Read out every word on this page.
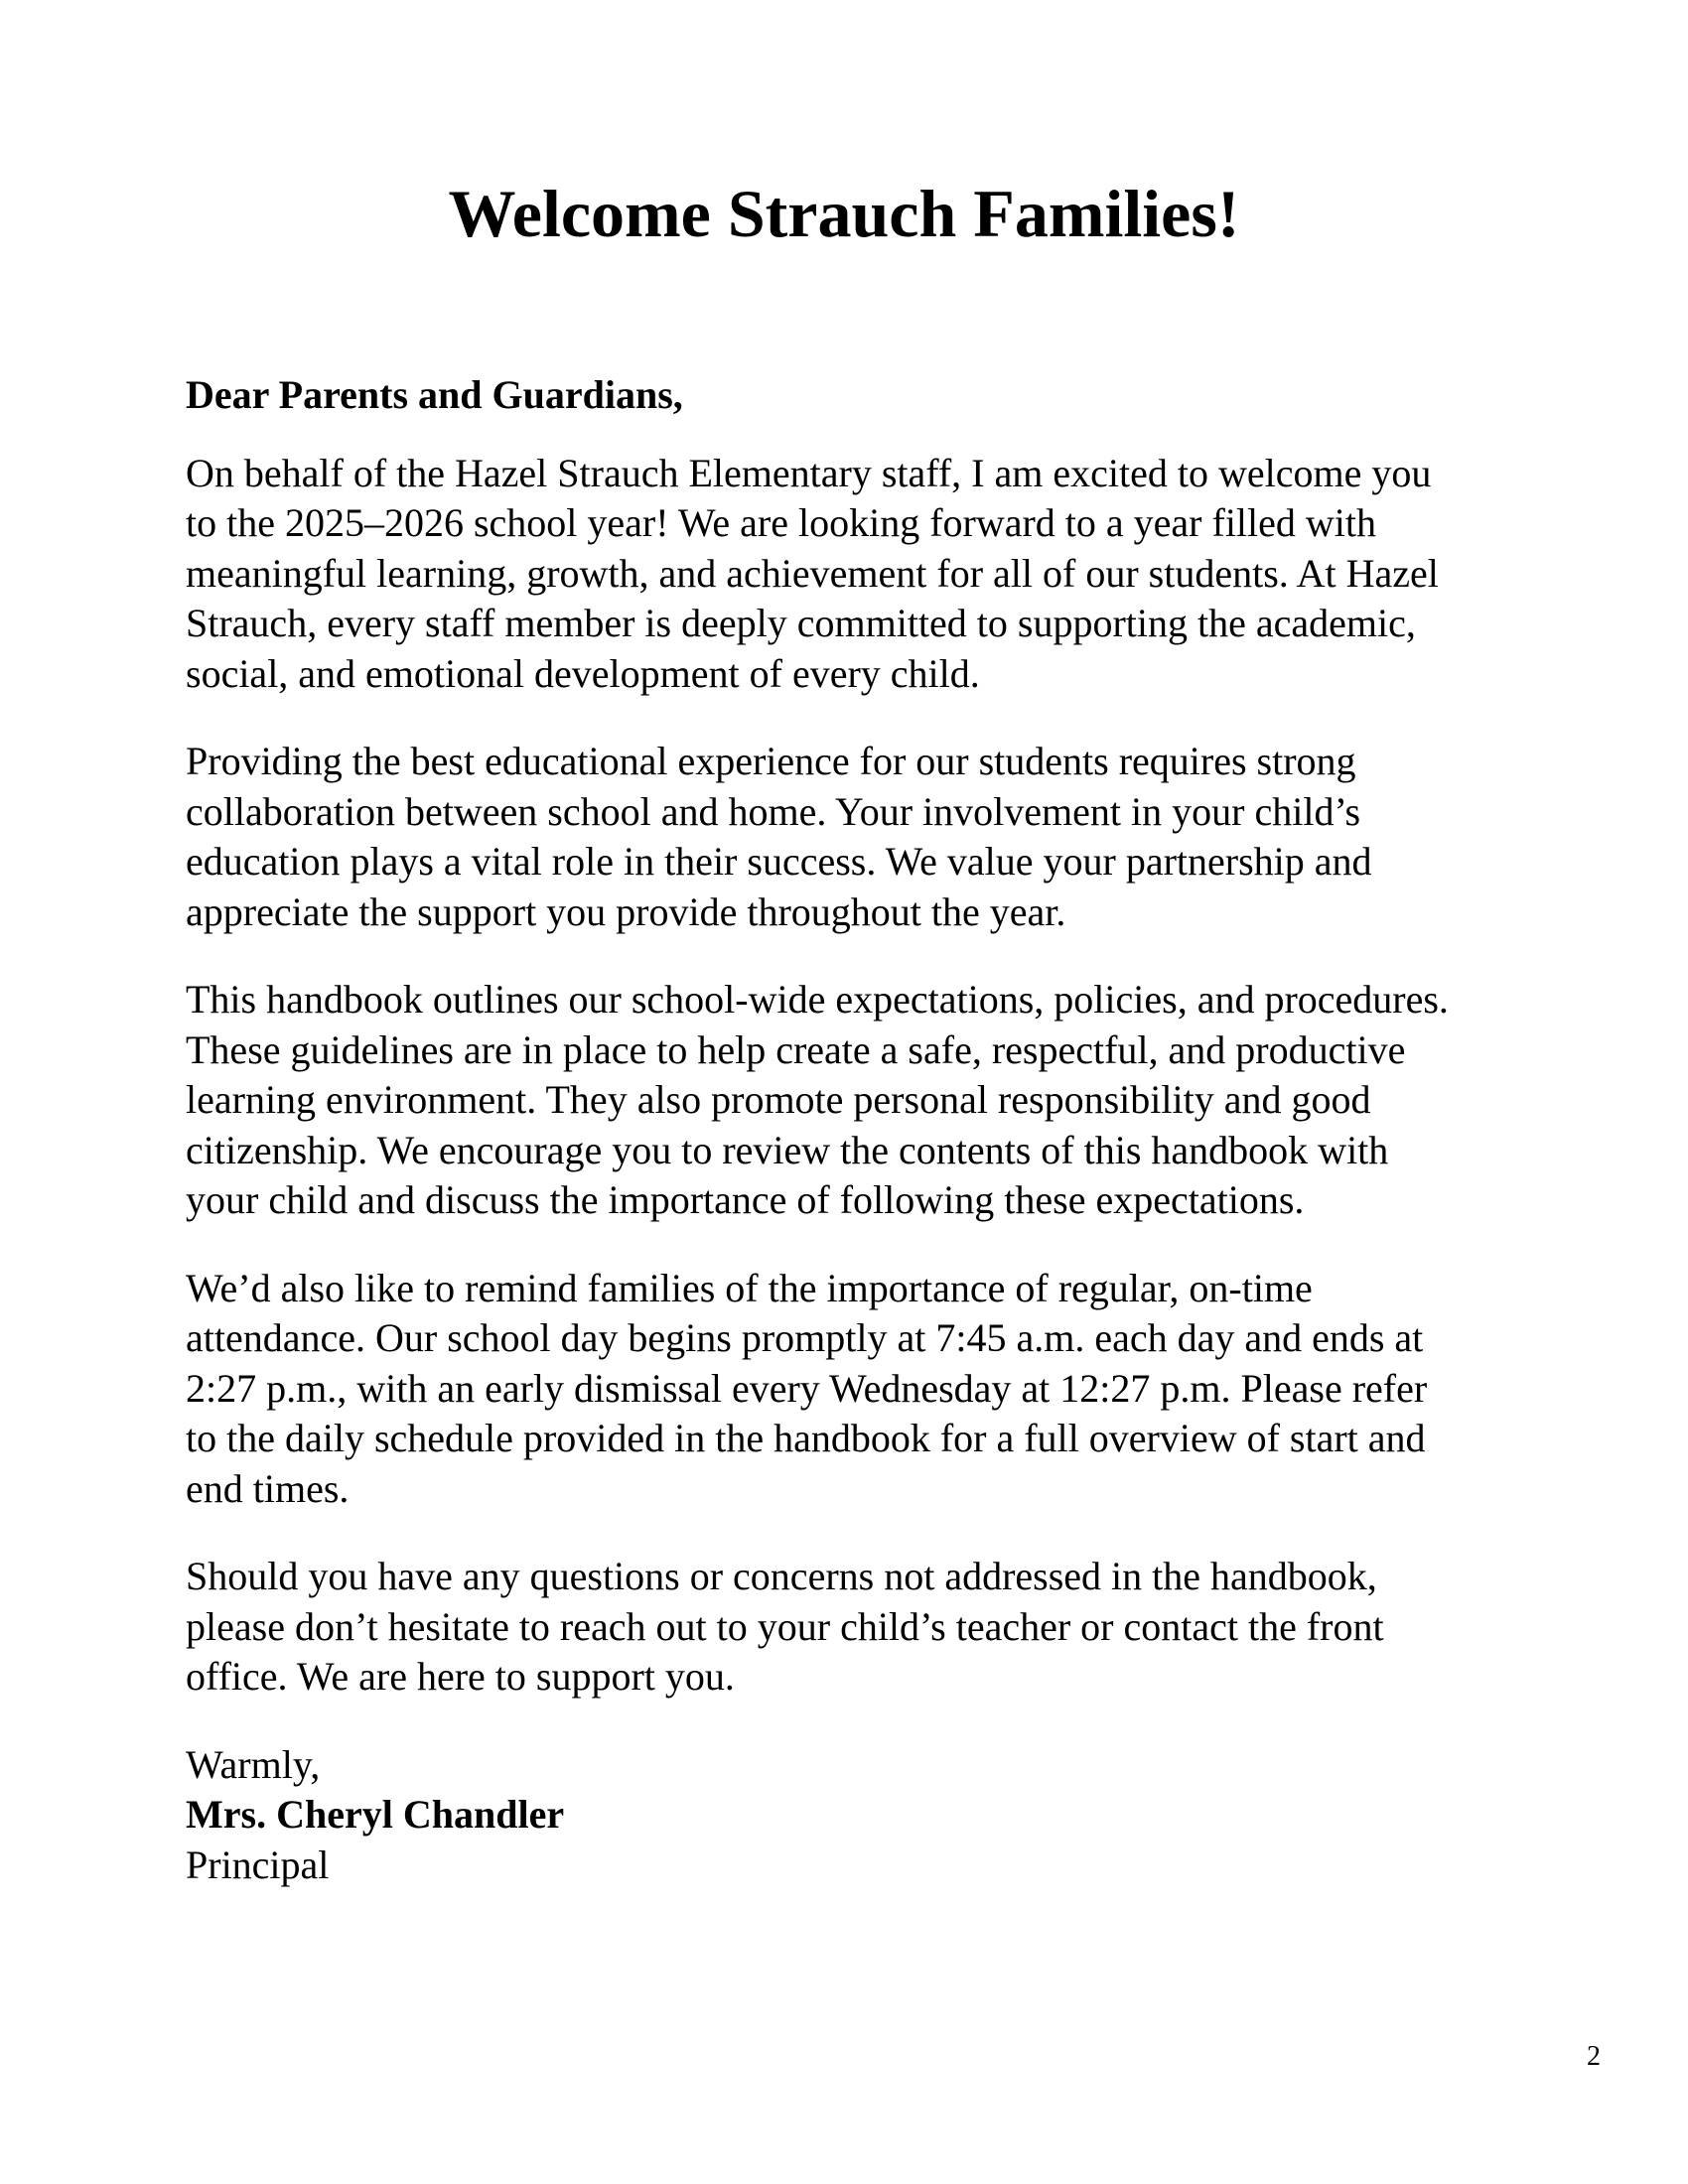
Welcome Strauch Families!

Dear Parents and Guardians,

On behalf of the Hazel Strauch Elementary staff, I am excited to welcome you
to the 2025–2026 school year! We are looking forward to a year filled with
meaningful learning, growth, and achievement for all of our students. At Hazel
Strauch, every staff member is deeply committed to supporting the academic,
social, and emotional development of every child.

Providing the best educational experience for our students requires strong
collaboration between school and home. Your involvement in your child’s
education plays a vital role in their success. We value your partnership and
appreciate the support you provide throughout the year.

This handbook outlines our school-wide expectations, policies, and procedures.
These guidelines are in place to help create a safe, respectful, and productive
learning environment. They also promote personal responsibility and good
citizenship. We encourage you to review the contents of this handbook with
your child and discuss the importance of following these expectations.

We’d also like to remind families of the importance of regular, on-time
attendance. Our school day begins promptly at 7:45 a.m. each day and ends at
2:27 p.m., with an early dismissal every Wednesday at 12:27 p.m. Please refer
to the daily schedule provided in the handbook for a full overview of start and
end times.

Should you have any questions or concerns not addressed in the handbook,
please don’t hesitate to reach out to your child’s teacher or contact the front
office. We are here to support you.

Warmly,
Mrs. Cheryl Chandler
Principal

2
